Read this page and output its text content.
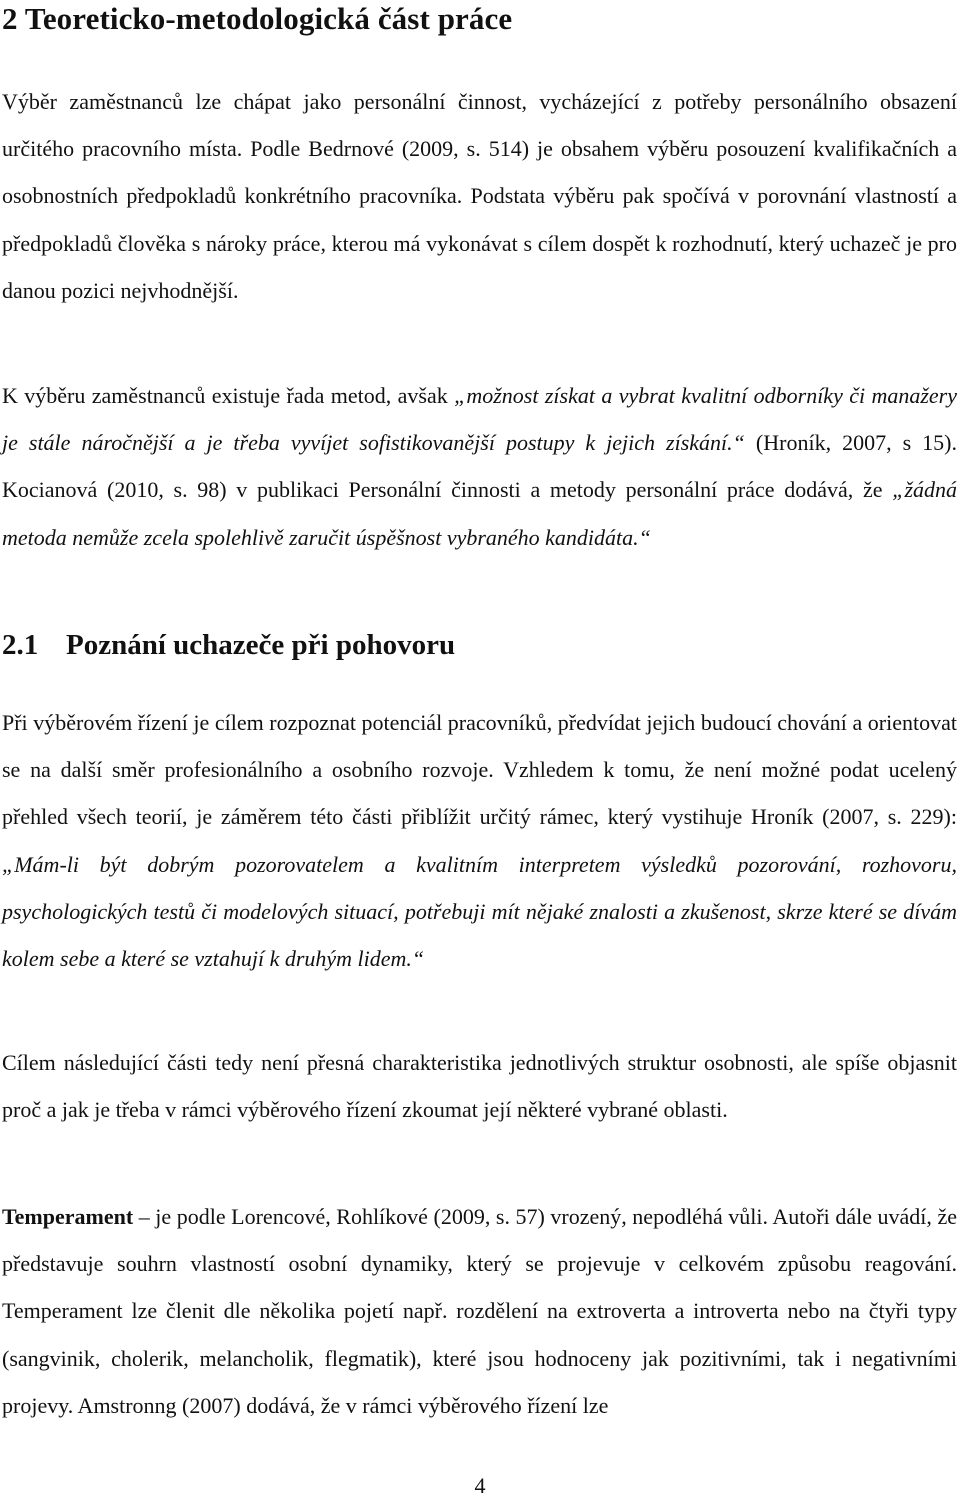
2 Teoreticko-metodologická část práce

Výběr zaměstnanců lze chápat jako personální činnost, vycházející z potřeby personálního obsazení určitého pracovního místa. Podle Bedrnové (2009, s. 514) je obsahem výběru posouzení kvalifikačních a osobnostních předpokladů konkrétního pracovníka. Podstata výběru pak spočívá v porovnání vlastností a předpokladů člověka s nároky práce, kterou má vykonávat s cílem dospět k rozhodnutí, který uchazeč je pro danou pozici nejvhodnější.

K výběru zaměstnanců existuje řada metod, avšak „možnost získat a vybrat kvalitní odborníky či manažery je stále náročnější a je třeba vyvíjet sofistikovanější postupy k jejich získání.“ (Hroník, 2007, s 15). Kocianová (2010, s. 98) v publikaci Personální činnosti a metody personální práce dodává, že „žádná metoda nemůže zcela spolehlivě zaručit úspěšnost vybraného kandidáta.“

2.1 Poznání uchazeče při pohovoru

Při výběrovém řízení je cílem rozpoznat potenciál pracovníků, předvídat jejich budoucí chování a orientovat se na další směr profesionálního a osobního rozvoje. Vzhledem k tomu, že není možné podat ucelený přehled všech teorií, je záměrem této části přiblížit určitý rámec, který vystihuje Hroník (2007, s. 229): „Mám-li být dobrým pozorovatelem a kvalitním interpretem výsledků pozorování, rozhovoru, psychologických testů či modelových situací, potřebuji mít nějaké znalosti a zkušenost, skrze které se dívám kolem sebe a které se vztahují k druhým lidem.“

Cílem následující části tedy není přesná charakteristika jednotlivých struktur osobnosti, ale spíše objasnit proč a jak je třeba v rámci výběrového řízení zkoumat její některé vybrané oblasti.

Temperament – je podle Lorencové, Rohlíkové (2009, s. 57) vrozený, nepodléhá vůli. Autoři dále uvádí, že představuje souhrn vlastností osobní dynamiky, který se projevuje v celkovém způsobu reagování. Temperament lze členit dle několika pojetí např. rozdělení na extroverta a introverta nebo na čtyři typy (sangvinik, cholerik, melancholik, flegmatik), které jsou hodnoceny jak pozitivními, tak i negativními projevy. Amstronng (2007) dodává, že v rámci výběrového řízení lze

4
